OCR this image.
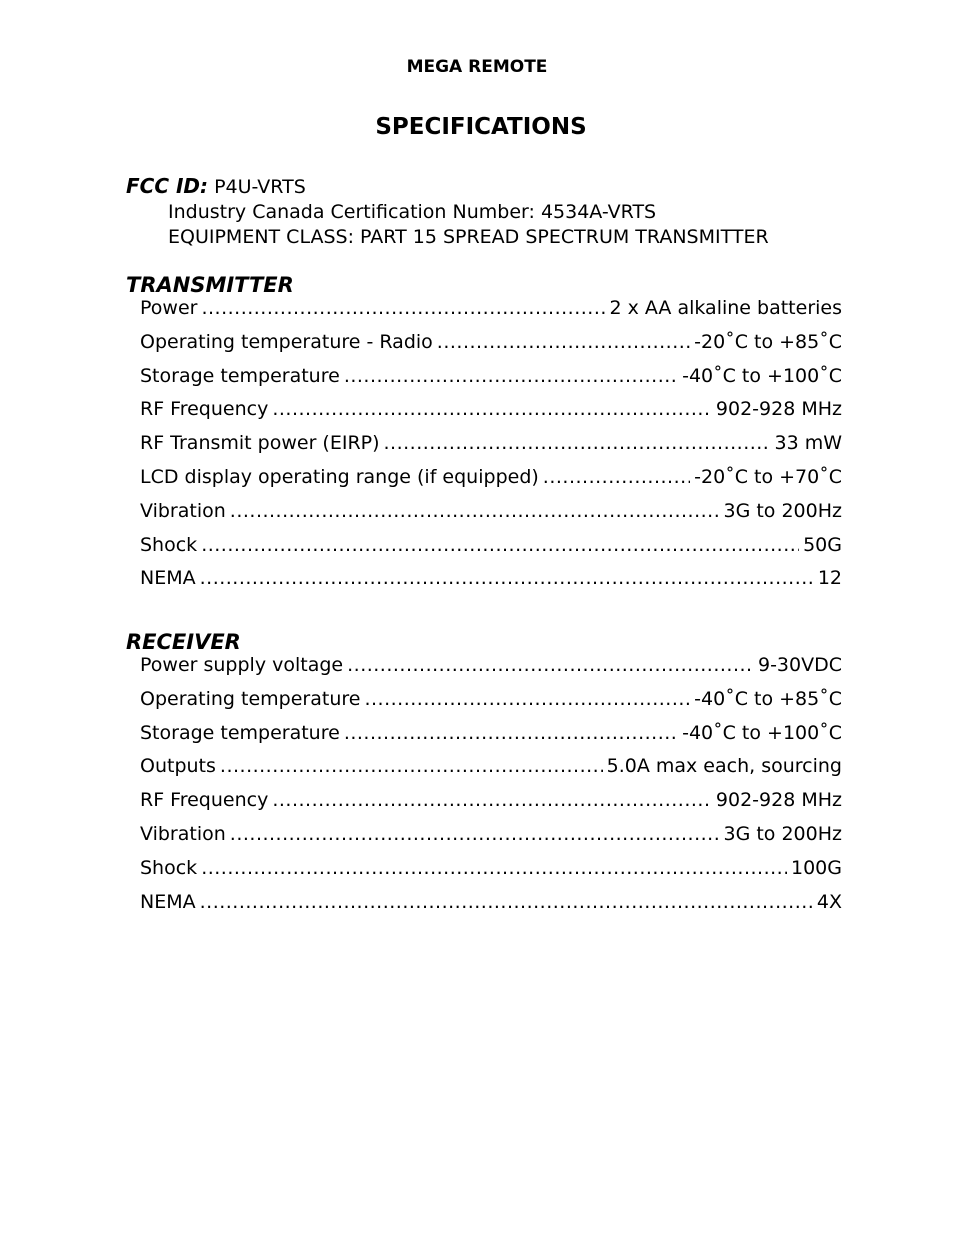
MEGA REMOTE
SPECIFICATIONS
FCC ID: P4U-VRTS
Industry Canada Certification Number: 4534A-VRTS
EQUIPMENT CLASS: PART 15 SPREAD SPECTRUM TRANSMITTER
TRANSMITTER
Power .....	2 x AA alkaline batteries
Operating temperature - Radio .....	-20˚C to +85˚C
Storage temperature .....	-40˚C to +100˚C
RF Frequency .....	902-928 MHz
RF Transmit power (EIRP) .....	33 mW
LCD display operating range (if equipped) .....	-20˚C to +70˚C
Vibration .....	3G to 200Hz
Shock .....	50G
NEMA .....	12
RECEIVER
Power supply voltage .....	9-30VDC
Operating temperature .....	-40˚C to +85˚C
Storage temperature .....	-40˚C to +100˚C
Outputs .....	5.0A max each, sourcing
RF Frequency .....	902-928 MHz
Vibration .....	3G to 200Hz
Shock .....	100G
NEMA .....	4X
